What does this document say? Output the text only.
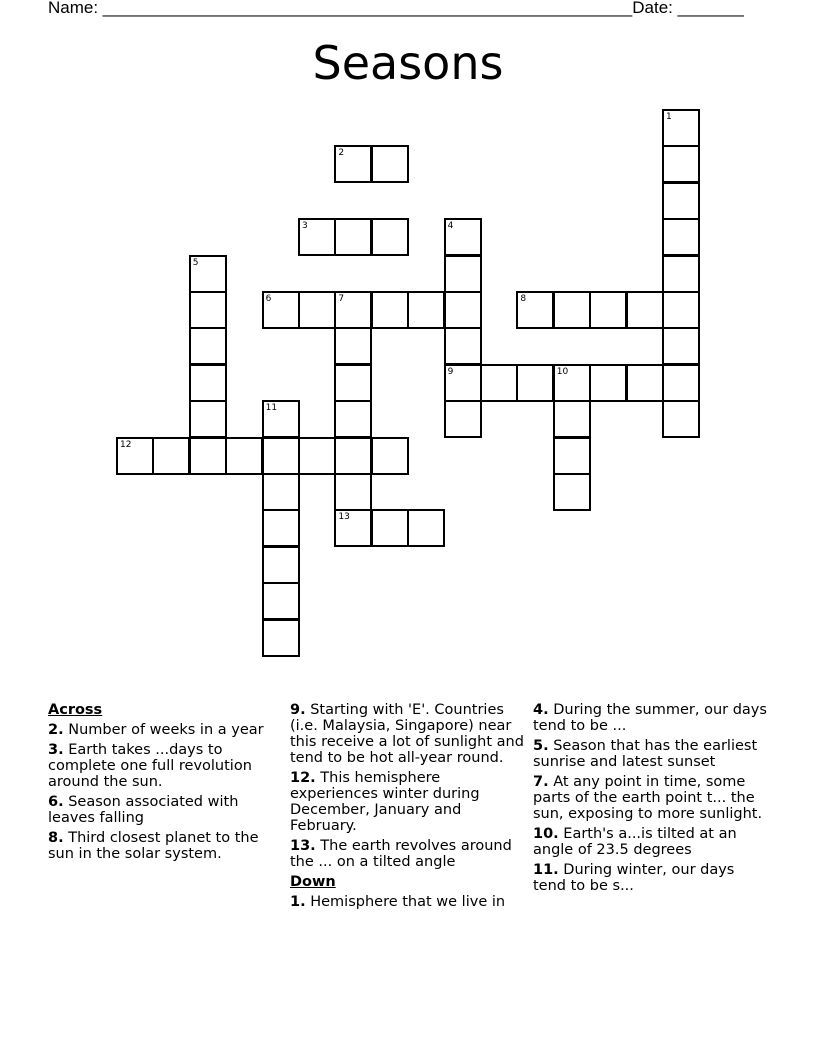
Name: ________________________________________________________ Date: _______
Seasons
1
2
3	4
9
5
6	7	8
10
11
12
13
Across
2. Number of weeks in a year
3. Earth takes ...days to complete one full revolution around the sun.
6. Season associated with leaves falling
8. Third closest planet to the sun in the solar system.
9. Starting with 'E'. Countries (i.e. Malaysia, Singapore) near this receive a lot of sunlight and tend to be hot all-year round.
12. This hemisphere experiences winter during December, January and February.
13. The earth revolves around the ... on a tilted angle
Down
1. Hemisphere that we live in
4. During the summer, our days tend to be ...
5. Season that has the earliest sunrise and latest sunset
7. At any point in time, some parts of the earth point t... the sun, exposing to more sunlight.
10. Earth's a...is tilted at an angle of 23.5 degrees
11. During winter, our days tend to be s...
